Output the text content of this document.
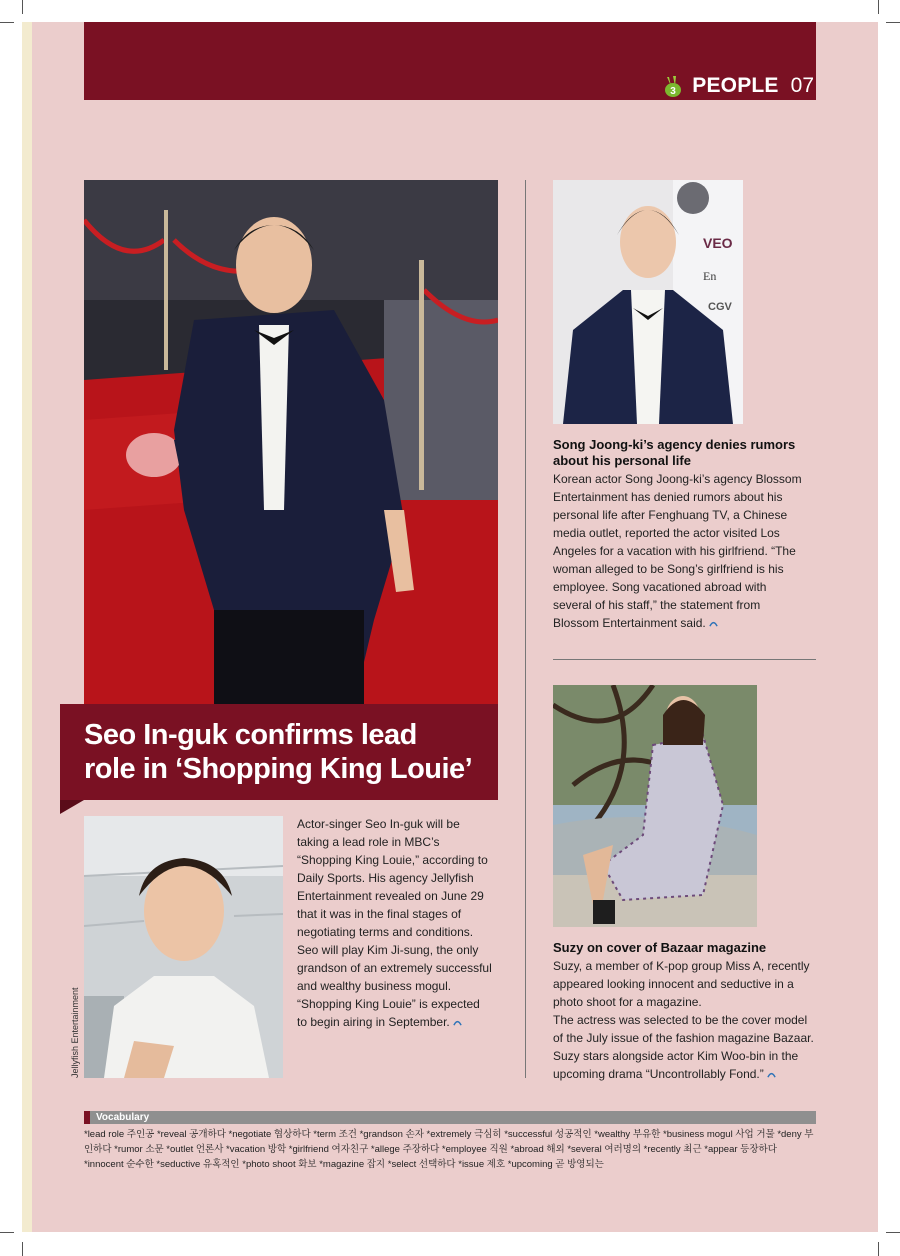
3 PEOPLE 07
VEO
En
CGV
Song Joong-ki’s agency denies rumors about his personal life

Korean actor Song Joong-ki’s agency Blossom Entertainment has denied rumors about his personal life after Fenghuang TV, a Chinese media outlet, reported the actor visited Los Angeles for a vacation with his girlfriend. “The woman alleged to be Song’s girlfriend is his employee. Song vacationed abroad with several of his staff,” the statement from Blossom Entertainment said.

Suzy on cover of Bazaar magazine

Suzy, a member of K-pop group Miss A, recently appeared looking innocent and seductive in a photo shoot for a magazine.

The actress was selected to be the cover model of the July issue of the fashion magazine Bazaar. Suzy stars alongside actor Kim Woo-bin in the upcoming drama “Uncontrollably Fond.”

Seo In-guk confirms lead
role in ‘Shopping King Louie’
Jellyfish Entertainment

Actor-singer Seo In-guk will be taking a lead role in MBC’s “Shopping King Louie,” according to Daily Sports. His agency Jellyfish Entertainment revealed on June 29 that it was in the final stages of negotiating terms and conditions. Seo will play Kim Ji-sung, the only grandson of an extremely successful and wealthy business mogul. “Shopping King Louie” is expected to begin airing in September.

Vocabulary
*lead role 주인공 *reveal 공개하다 *negotiate 협상하다 *term 조건 *grandson 손자 *extremely 극심히 *successful 성공적인 *wealthy 부유한 *business mogul 사업 거물 *deny 부인하다 *rumor 소문 *outlet 언론사 *vacation 방학 *girlfriend 여자친구 *allege 주장하다 *employee 직원 *abroad 해외 *several 여러명의 *recently 최근 *appear 등장하다 *innocent 순수한 *seductive 유혹적인 *photo shoot 화보 *magazine 잡지 *select 선택하다 *issue 제호 *upcoming 곧 방영되는
